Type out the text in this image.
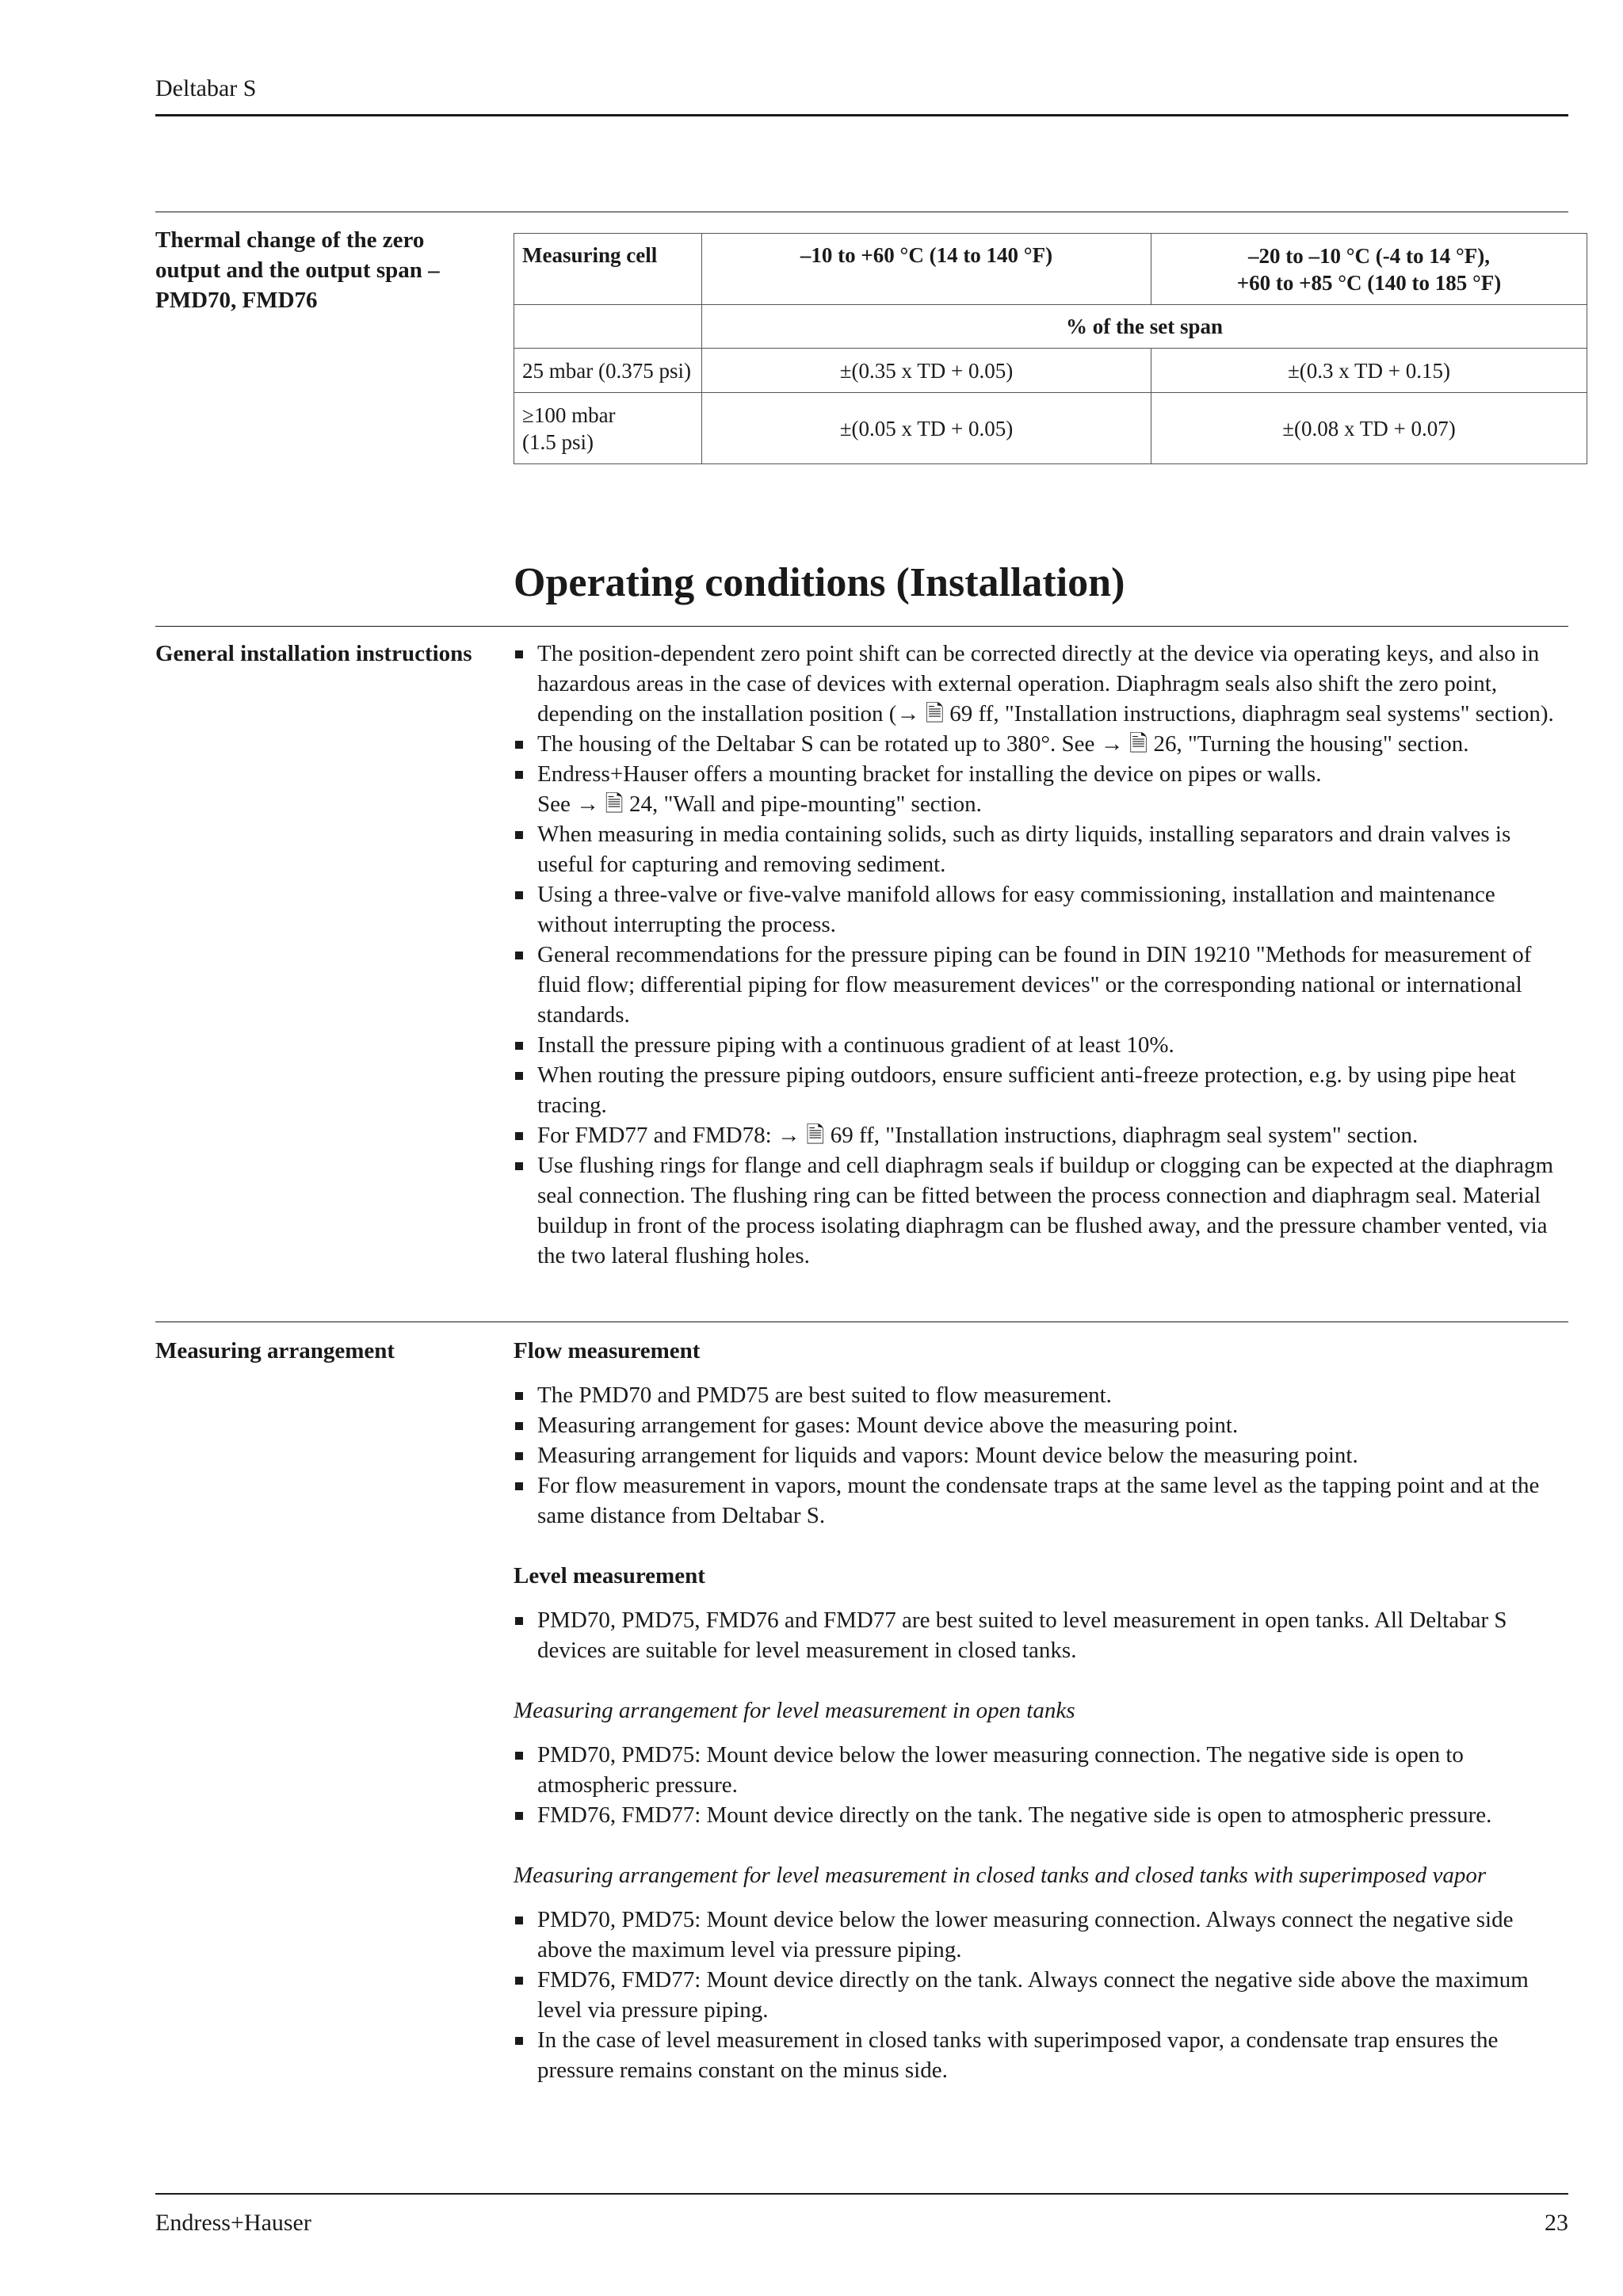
Deltabar S
Thermal change of the zero output and the output span – PMD70, FMD76
Measuring cell	–10 to +60 °C (14 to 140 °F)	–20 to –10 °C (-4 to 14 °F),
+60 to +85 °C (140 to 185 °F)
	% of the set span	
25 mbar (0.375 psi)	±(0.35 x TD + 0.05)	±(0.3 x TD + 0.15)
≥100 mbar
(1.5 psi)	±(0.05 x TD + 0.05)	±(0.08 x TD + 0.07)
Operating conditions (Installation)
General installation instructions	The position-dependent zero point shift can be corrected directly at the device via operating keys, and also in hazardous areas in the case of devices with external operation. Diaphragm seals also shift the zero point, depending on the installation position (→ 🗎 69 ff, "Installation instructions, diaphragm seal systems" section).
The housing of the Deltabar S can be rotated up to 380°. See → 🗎 26, "Turning the housing" section.
Endress+Hauser offers a mounting bracket for installing the device on pipes or walls.
See → 🗎 24, "Wall and pipe-mounting" section.
When measuring in media containing solids, such as dirty liquids, installing separators and drain valves is useful for capturing and removing sediment.
Using a three-valve or five-valve manifold allows for easy commissioning, installation and maintenance without interrupting the process.
General recommendations for the pressure piping can be found in DIN 19210 "Methods for measurement of fluid flow; differential piping for flow measurement devices" or the corresponding national or international standards.
Install the pressure piping with a continuous gradient of at least 10%.
When routing the pressure piping outdoors, ensure sufficient anti-freeze protection, e.g. by using pipe heat tracing.
For FMD77 and FMD78: → 🗎 69 ff, "Installation instructions, diaphragm seal system" section.
Use flushing rings for flange and cell diaphragm seals if buildup or clogging can be expected at the diaphragm seal connection. The flushing ring can be fitted between the process connection and diaphragm seal. Material buildup in front of the process isolating diaphragm can be flushed away, and the pressure chamber vented, via the two lateral flushing holes.
Measuring arrangement	Flow measurement

The PMD70 and PMD75 are best suited to flow measurement.
Measuring arrangement for gases: Mount device above the measuring point.
Measuring arrangement for liquids and vapors: Mount device below the measuring point.
For flow measurement in vapors, mount the condensate traps at the same level as the tapping point and at the same distance from Deltabar S.

Level measurement

PMD70, PMD75, FMD76 and FMD77 are best suited to level measurement in open tanks. All Deltabar S devices are suitable for level measurement in closed tanks.

Measuring arrangement for level measurement in open tanks

PMD70, PMD75: Mount device below the lower measuring connection. The negative side is open to atmospheric pressure.
FMD76, FMD77: Mount device directly on the tank. The negative side is open to atmospheric pressure.

Measuring arrangement for level measurement in closed tanks and closed tanks with superimposed vapor

PMD70, PMD75: Mount device below the lower measuring connection. Always connect the negative side above the maximum level via pressure piping.
FMD76, FMD77: Mount device directly on the tank. Always connect the negative side above the maximum level via pressure piping.
In the case of level measurement in closed tanks with superimposed vapor, a condensate trap ensures the pressure remains constant on the minus side.
Endress+Hauser	23
